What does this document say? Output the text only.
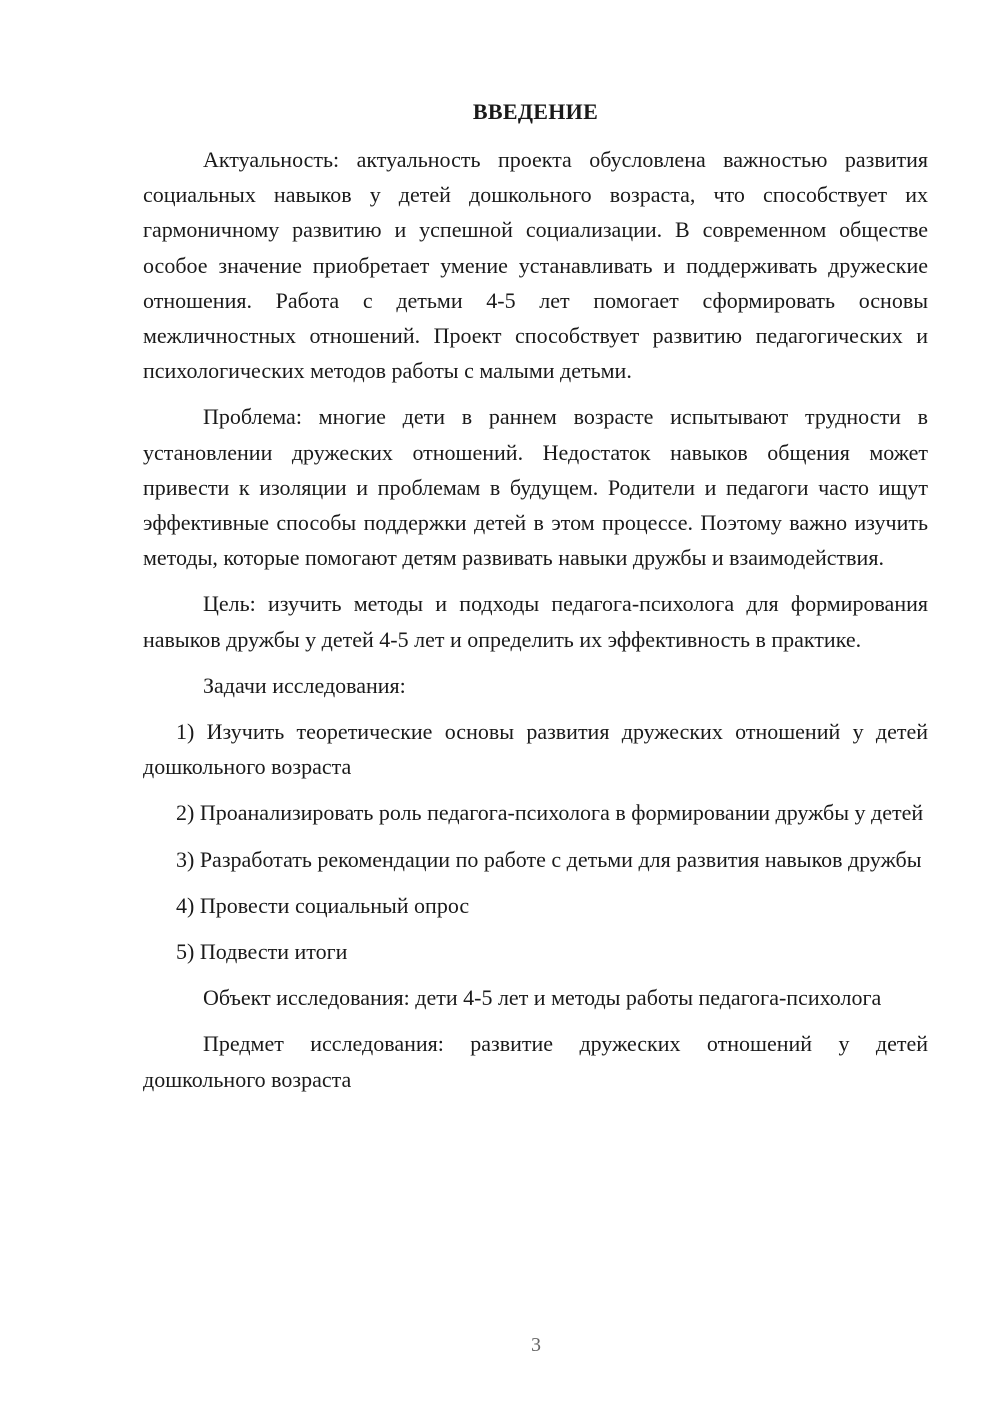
ВВЕДЕНИЕ

Актуальность: актуальность проекта обусловлена важностью развития социальных навыков у детей дошкольного возраста, что способствует их гармоничному развитию и успешной социализации. В современном обществе особое значение приобретает умение устанавливать и поддерживать дружеские отношения. Работа с детьми 4-5 лет помогает сформировать основы межличностных отношений. Проект способствует развитию педагогических и психологических методов работы с малыми детьми.

Проблема: многие дети в раннем возрасте испытывают трудности в установлении дружеских отношений. Недостаток навыков общения может привести к изоляции и проблемам в будущем. Родители и педагоги часто ищут эффективные способы поддержки детей в этом процессе. Поэтому важно изучить методы, которые помогают детям развивать навыки дружбы и взаимодействия.

Цель: изучить методы и подходы педагога-психолога для формирования навыков дружбы у детей 4-5 лет и определить их эффективность в практике.

Задачи исследования:

1) Изучить теоретические основы развития дружеских отношений у детей дошкольного возраста

2) Проанализировать роль педагога-психолога в формировании дружбы у детей

3) Разработать рекомендации по работе с детьми для развития навыков дружбы

4) Провести социальный опрос

5) Подвести итоги

Объект исследования: дети 4-5 лет и методы работы педагога-психолога

Предмет исследования: развитие дружеских отношений у детей дошкольного возраста

3
